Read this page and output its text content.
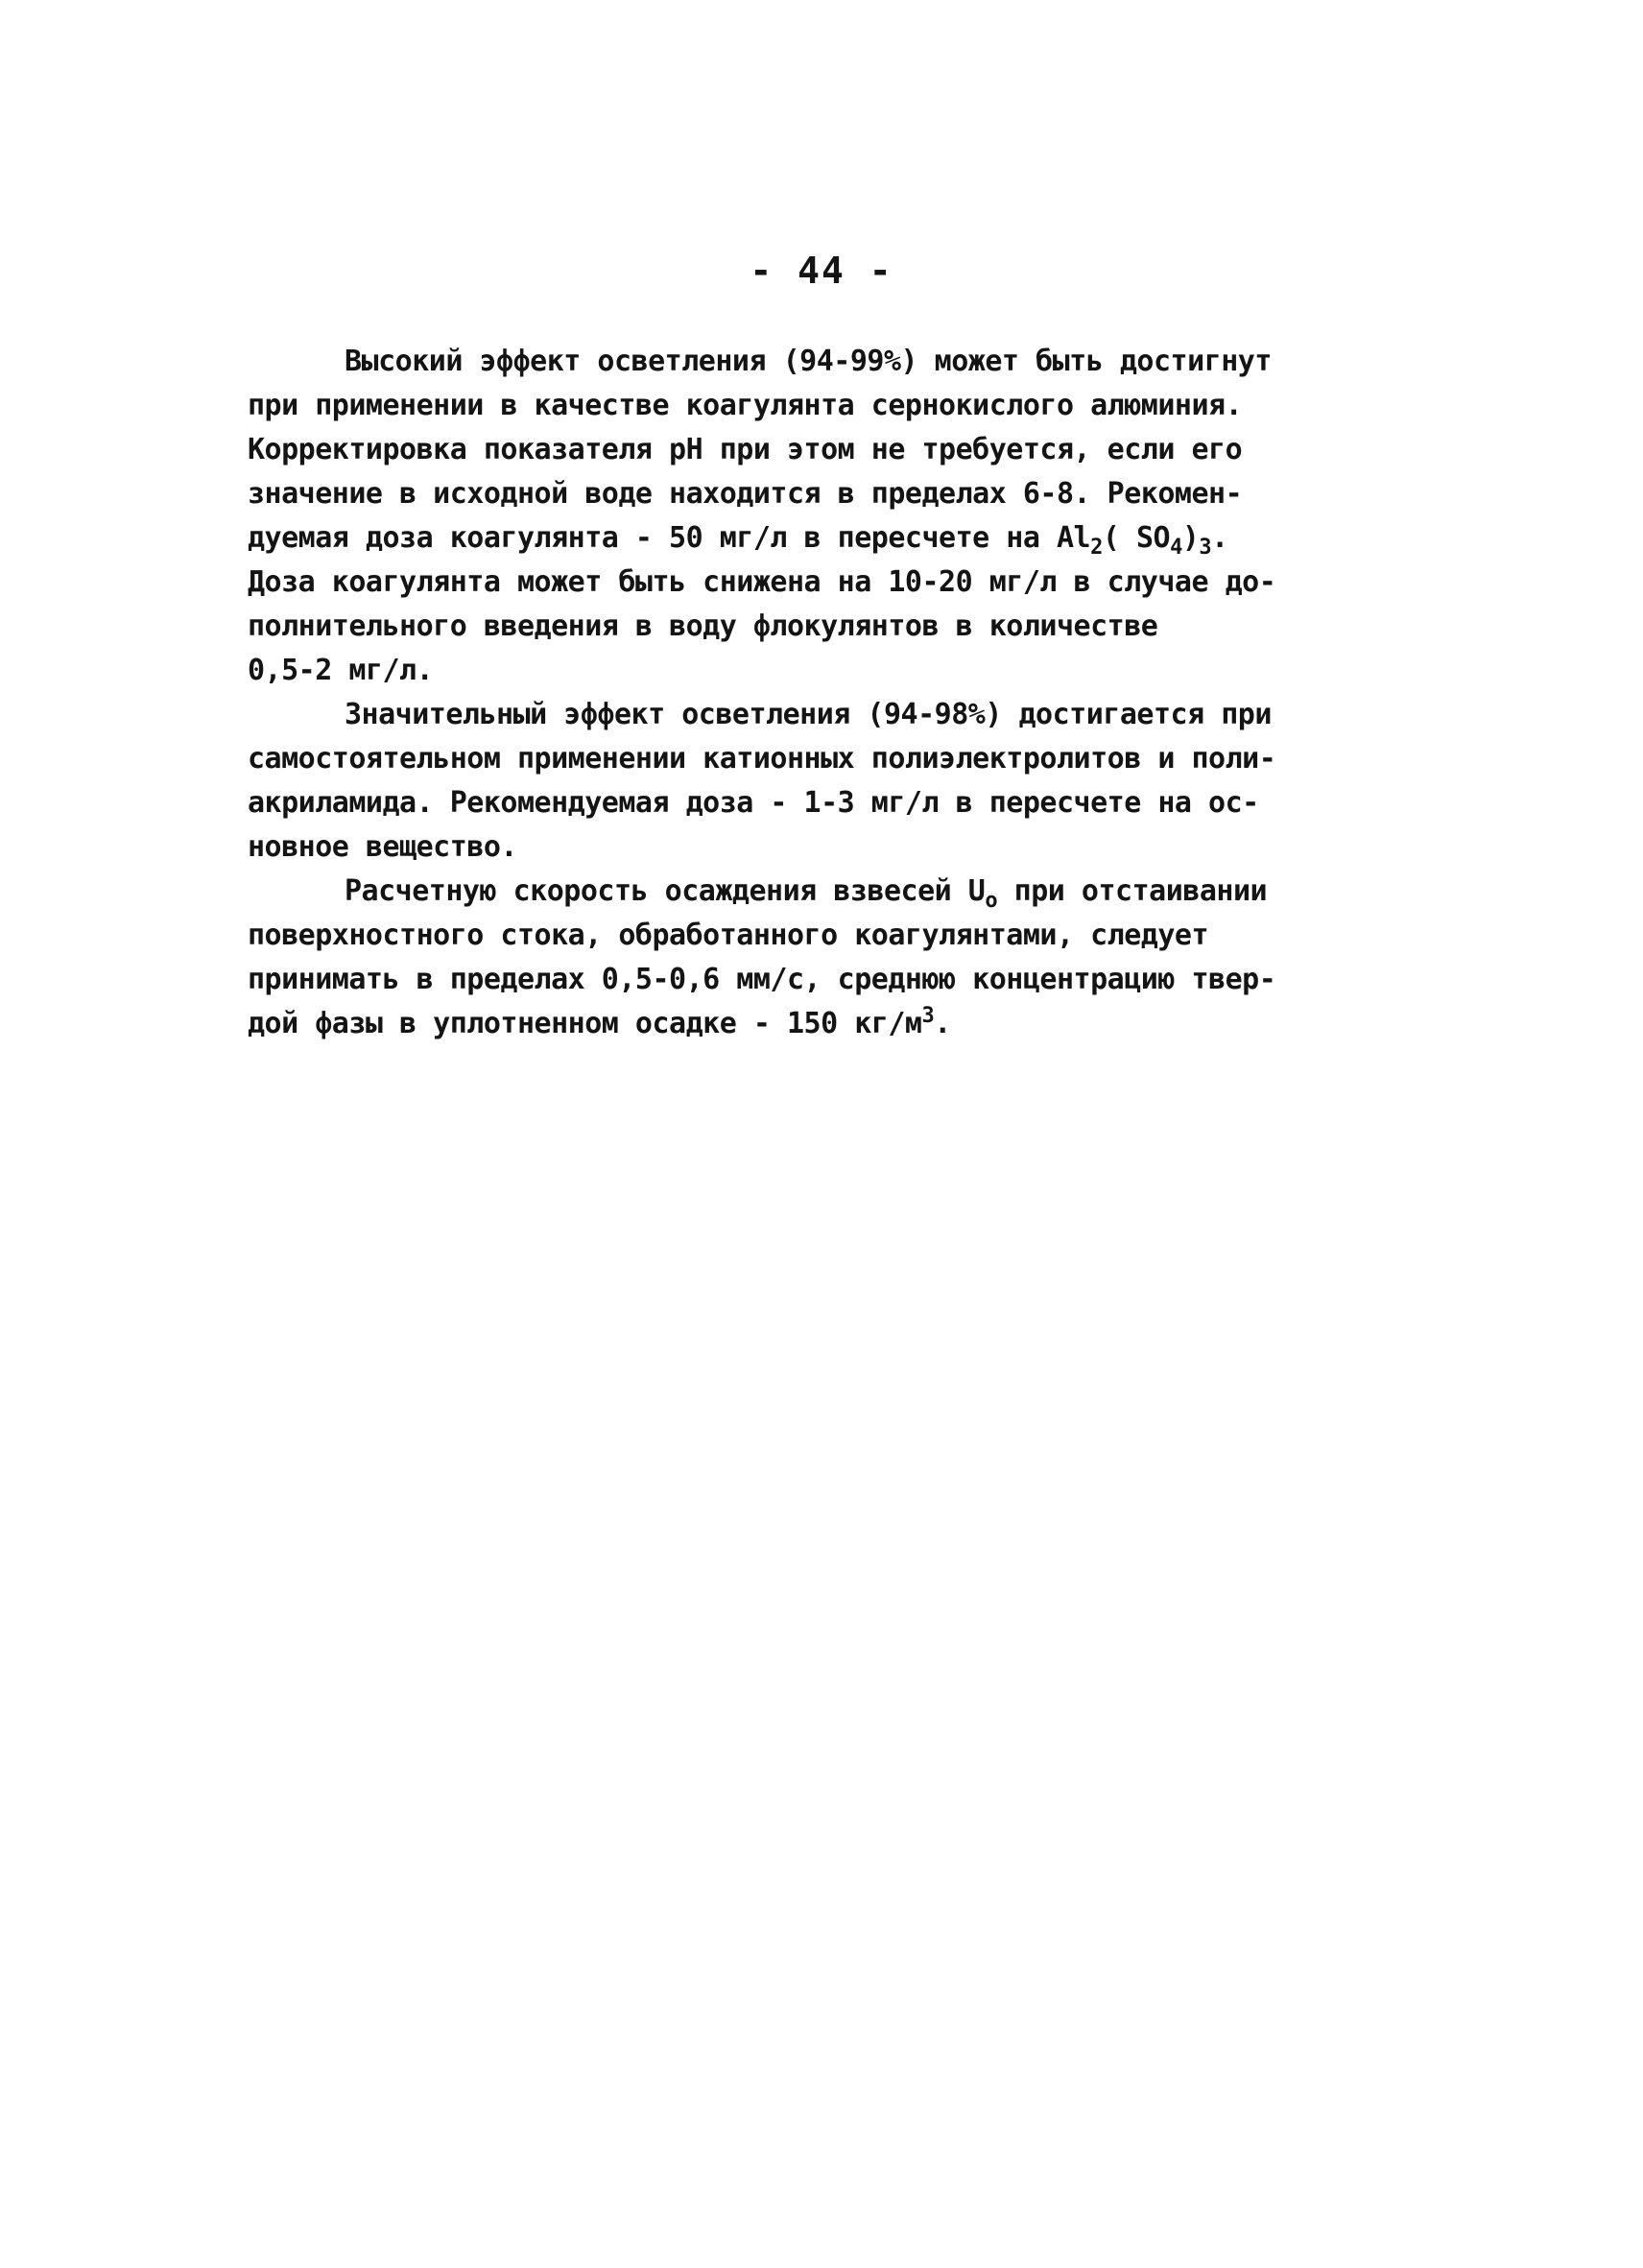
- 44 -
Высокий эффект осветления (94-99%) может быть достигнут
при применении в качестве коагулянта сернокислого алюминия.
Корректировка показателя pH при этом не требуется, если его
значение в исходной воде находится в пределах 6-8. Рекомен-
дуемая доза коагулянта - 50 мг/л в пересчете на $Al_2$( $SO_4)_3$.
Доза коагулянта может быть снижена на 10-20 мг/л в случае до-
полнительного введения в воду флокулянтов в количестве
0,5-2 мг/л.
Значительный эффект осветления (94-98%) достигается при
самостоятельном применении катионных полиэлектролитов и поли-
акриламида. Рекомендуемая доза - 1-3 мг/л в пересчете на ос-
новное вещество.
Расчетную скорость осаждения взвесей $U_o$ при отстаивании
поверхностного стока, обработанного коагулянтами, следует
принимать в пределах 0,5-0,6 мм/с, среднюю концентрацию твер-
дой фазы в уплотненном осадке - 150 $кг/м^3$.
